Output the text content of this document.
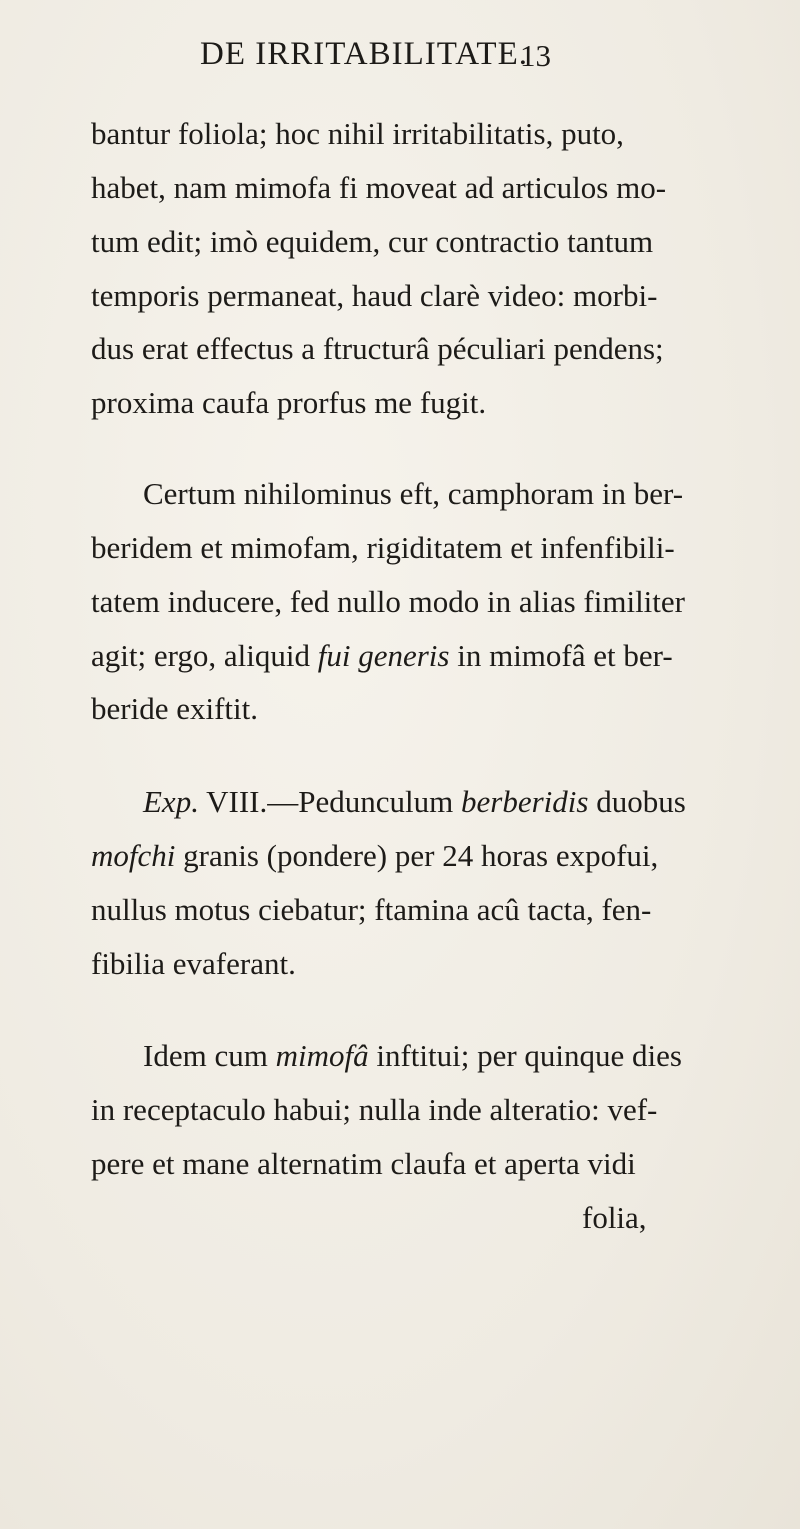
DE IRRITABILITATE.
13
bantur foliola; hoc nihil irritabilitatis, puto,
habet, nam mimofa fi moveat ad articulos mo-
tum edit; imò equidem, cur contractio tantum
temporis permaneat, haud clarè video: morbi-
dus erat effectus a ftructurâ péculiari pendens;
proxima caufa prorfus me fugit.
Certum nihilominus eft, camphoram in ber-
beridem et mimofam, rigiditatem et infenfibili-
tatem inducere, fed nullo modo in alias fimiliter
agit; ergo, aliquid fui generis in mimofâ et ber-
beride exiftit.
Exp. VIII.—Pedunculum berberidis duobus
mofchi granis (pondere) per 24 horas expofui,
nullus motus ciebatur; ftamina acû tacta, fen-
fibilia evaferant.
Idem cum mimofâ inftitui; per quinque dies
in receptaculo habui; nulla inde alteratio: vef-
pere et mane alternatim claufa et aperta vidi
folia,
